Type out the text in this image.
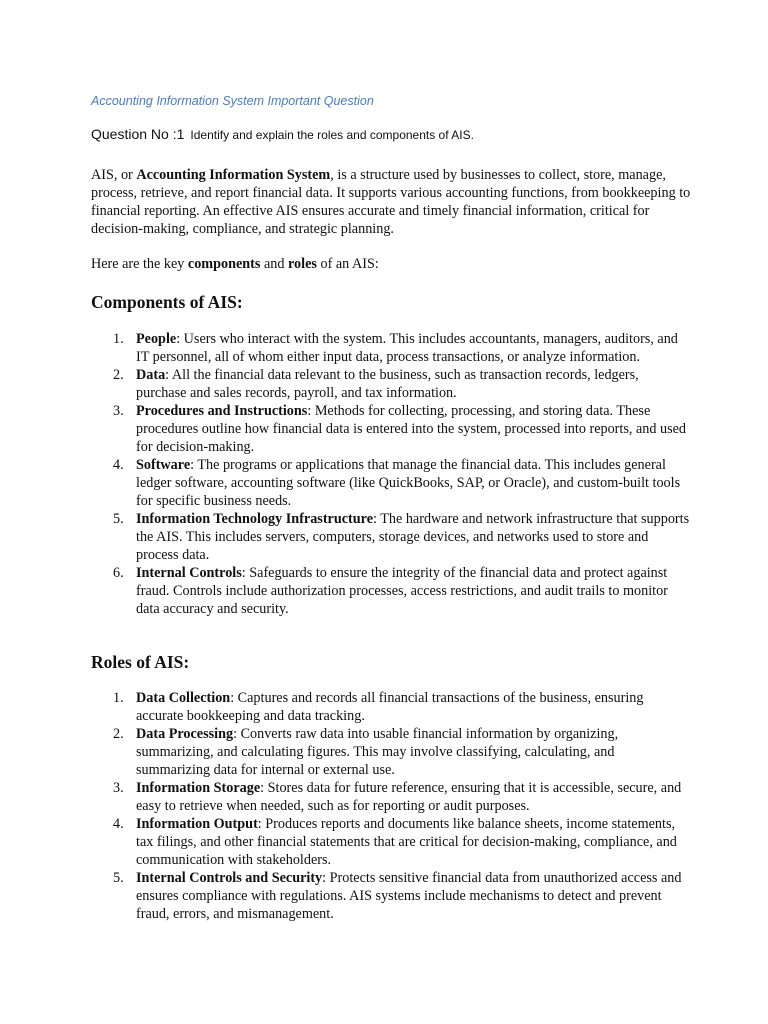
Accounting Information System Important Question
Question No :1 Identify and explain the roles and components of AIS.

AIS, or Accounting Information System, is a structure used by businesses to collect, store, manage, process, retrieve, and report financial data. It supports various accounting functions, from bookkeeping to financial reporting. An effective AIS ensures accurate and timely financial information, critical for decision-making, compliance, and strategic planning.

Here are the key components and roles of an AIS:

Components of AIS:
1. People: Users who interact with the system. This includes accountants, managers, auditors, and IT personnel, all of whom either input data, process transactions, or analyze information.
2. Data: All the financial data relevant to the business, such as transaction records, ledgers, purchase and sales records, payroll, and tax information.
3. Procedures and Instructions: Methods for collecting, processing, and storing data. These procedures outline how financial data is entered into the system, processed into reports, and used for decision-making.
4. Software: The programs or applications that manage the financial data. This includes general ledger software, accounting software (like QuickBooks, SAP, or Oracle), and custom-built tools for specific business needs.
5. Information Technology Infrastructure: The hardware and network infrastructure that supports the AIS. This includes servers, computers, storage devices, and networks used to store and process data.
6. Internal Controls: Safeguards to ensure the integrity of the financial data and protect against fraud. Controls include authorization processes, access restrictions, and audit trails to monitor data accuracy and security.
Roles of AIS:
1. Data Collection: Captures and records all financial transactions of the business, ensuring accurate bookkeeping and data tracking.
2. Data Processing: Converts raw data into usable financial information by organizing, summarizing, and calculating figures. This may involve classifying, calculating, and summarizing data for internal or external use.
3. Information Storage: Stores data for future reference, ensuring that it is accessible, secure, and easy to retrieve when needed, such as for reporting or audit purposes.
4. Information Output: Produces reports and documents like balance sheets, income statements, tax filings, and other financial statements that are critical for decision-making, compliance, and communication with stakeholders.
5. Internal Controls and Security: Protects sensitive financial data from unauthorized access and ensures compliance with regulations. AIS systems include mechanisms to detect and prevent fraud, errors, and mismanagement.
